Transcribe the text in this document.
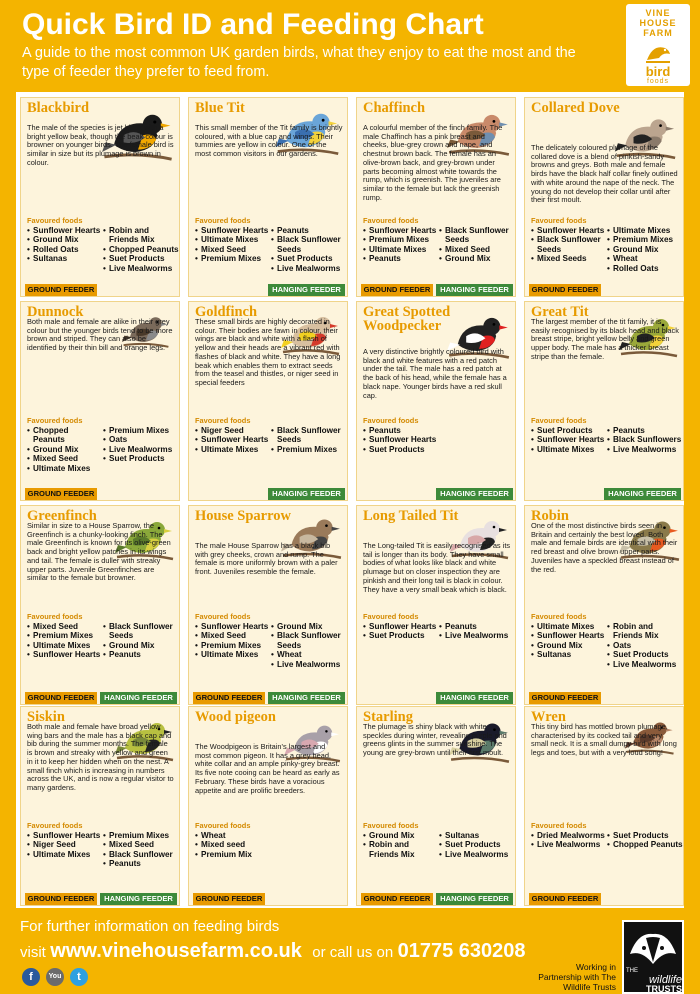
Quick Bird ID and Feeding Chart
A guide to the most common UK garden birds, what they enjoy to eat the most and the type of feeder they prefer to feed from.
VINE
HOUSE FARM
bird
foods
Blackbird
The male of the species is jet black with a bright yellow beak, though the beak colour is browner on younger birds. The female bird is similar in size but its plumage is brown in colour.
Favoured foods
• Sunflower Hearts
• Ground Mix
• Rolled Oats
• Sultanas
• Robin and Friends Mix
• Chopped Peanuts
• Suet Products
• Live Mealworms
GROUND FEEDER
Blue Tit
This small member of the Tit family is brightly coloured, with a blue cap and wings. Their tummies are yellow in colour. One of the most common visitors in our gardens.
Favoured foods
• Sunflower Hearts
• Ultimate Mixes
• Mixed Seed
• Premium Mixes
• Peanuts
• Black Sunflower Seeds
• Suet Products
• Live Mealworms
HANGING FEEDER
Chaffinch
A colourful member of the finch family. The male Chaffinch has a pink breast and cheeks, blue-grey crown and nape, and chestnut brown back. The female has an olive-brown back, and grey-brown under parts becoming almost white towards the rump, which is greenish. The juveniles are similar to the female but lack the greenish rump.
Favoured foods
• Sunflower Hearts
• Premium Mixes
• Ultimate Mixes
• Peanuts
• Black Sunflower Seeds
• Mixed Seed
• Ground Mix
GROUND FEEDER	HANGING FEEDER
Collared Dove
The delicately coloured plumage of the collared dove is a blend of pinkish-sandy browns and greys. Both male and female birds have the black half collar finely outlined with white around the nape of the neck. The young do not develop their collar until after their first moult.
Favoured foods
• Sunflower Hearts
• Black Sunflower Seeds
• Mixed Seeds
• Ultimate Mixes
• Premium Mixes
• Ground Mix
• Wheat
• Rolled Oats
GROUND FEEDER
Dunnock
Both male and female are alike in their grey colour but the younger birds tend to be more brown and striped. They can also be identified by their thin bill and orange legs.
Favoured foods
• Chopped Peanuts
• Ground Mix
• Mixed Seed
• Ultimate Mixes
• Premium Mixes
• Oats
• Live Mealworms
• Suet Products
GROUND FEEDER
Goldfinch
These small birds are highly decorated in colour. Their bodies are fawn in colour, their wings are black and white with a flash of yellow and their heads are a vibrant red with flashes of black and white. They have a long beak which enables them to extract seeds from the teasel and thistles, or niger seed in special feeders
Favoured foods
• Niger Seed
• Sunflower Hearts
• Ultimate Mixes
• Black Sunflower Seeds
• Premium Mixes
HANGING FEEDER
Great Spotted Woodpecker
A very distinctive brightly coloured bird with black and white features with a red patch under the tail. The male has a red patch at the back of his head, while the female has a black nape. Younger birds have a red skull cap.
Favoured foods
• Peanuts
• Sunflower Hearts
• Suet Products
HANGING FEEDER
Great Tit
The largest member of the tit family, it is easily recognised by its black head and black breast stripe, bright yellow belly and green upper body. The male has a thicker breast stripe than the female.
Favoured foods
• Suet Products
• Sunflower Hearts
• Ultimate Mixes
• Peanuts
• Black Sunflowers
• Live Mealworms
HANGING FEEDER
Greenfinch
Similar in size to a House Sparrow, the Greenfinch is a chunky-looking finch. The male Greenfinch is known for its olive-green back and bright yellow patches in its wings and tail. The female is duller with streaky upper parts. Juvenile Greenfinches are similar to the female but browner.
Favoured foods
• Mixed Seed
• Premium Mixes
• Ultimate Mixes
• Sunflower Hearts
• Black Sunflower Seeds
• Ground Mix
• Peanuts
GROUND FEEDER	HANGING FEEDER
House Sparrow
The male House Sparrow has a black bib with grey cheeks, crown and rump. The female is more uniformly brown with a paler front. Juveniles resemble the female.
Favoured foods
• Sunflower Hearts
• Mixed Seed
• Premium Mixes
• Ultimate Mixes
• Ground Mix
• Black Sunflower Seeds
• Wheat
• Live Mealworms
GROUND FEEDER	HANGING FEEDER
Long Tailed Tit
The Long-tailed Tit is easily recognised as its tail is longer than its body. They have small bodies of what looks like black and white plumage but on closer inspection they are pinkish and their long tail is black in colour. They have a very small beak which is black.
Favoured foods
• Sunflower Hearts
• Suet Products
• Peanuts
• Live Mealworms
HANGING FEEDER
Robin
One of the most distinctive birds seen in Britain and certainly the best loved. Both male and female birds are identical with their red breast and olive brown upper parts. Juveniles have a speckled breast instead of the red.
Favoured foods
• Ultimate Mixes
• Sunflower Hearts
• Ground Mix
• Sultanas
• Robin and Friends Mix
• Oats
• Suet Products
• Live Mealworms
GROUND FEEDER
Siskin
Both male and female have broad yellow wing bars and the male has a black cap and bib during the summer months. The female is brown and streaky with yellow and green in it to keep her hidden when on the nest. A small finch which is increasing in numbers across the UK, and is now a regular visitor to many gardens.
Favoured foods
• Sunflower Hearts
• Niger Seed
• Ultimate Mixes
• Premium Mixes
• Mixed Seed
• Black Sunflower
• Peanuts
GROUND FEEDER	HANGING FEEDER
Wood pigeon
The Woodpigeon is Britain's largest and most common pigeon. It has a grey head, white collar and an ample pinky-grey breast. Its five note cooing can be heard as early as February. These birds have a voracious appetite and are prolific breeders.
Favoured foods
• Wheat
• Mixed seed
• Premium Mix
GROUND FEEDER
Starling
The plumage is shiny black with white speckles during winter, revealing purple and greens glints in the summer sunshine. The young are grey-brown until their first moult.
Favoured foods
• Ground Mix
• Robin and Friends Mix
• Sultanas
• Suet Products
• Live Mealworms
GROUND FEEDER	HANGING FEEDER
Wren
This tiny bird has mottled brown plumage, characterised by its cocked tail and very small neck. It is a small dumpy bird with long legs and toes, but with a very loud song!
Favoured foods
• Dried Mealworms
• Live Mealworms
• Suet Products
• Chopped Peanuts
GROUND FEEDER
For further information on feeding birds
visit www.vinehousefarm.co.uk or call us on 01775 630208
f	You	t
Working in Partnership with The Wildlife Trusts
THE
wildlife
TRUSTS
